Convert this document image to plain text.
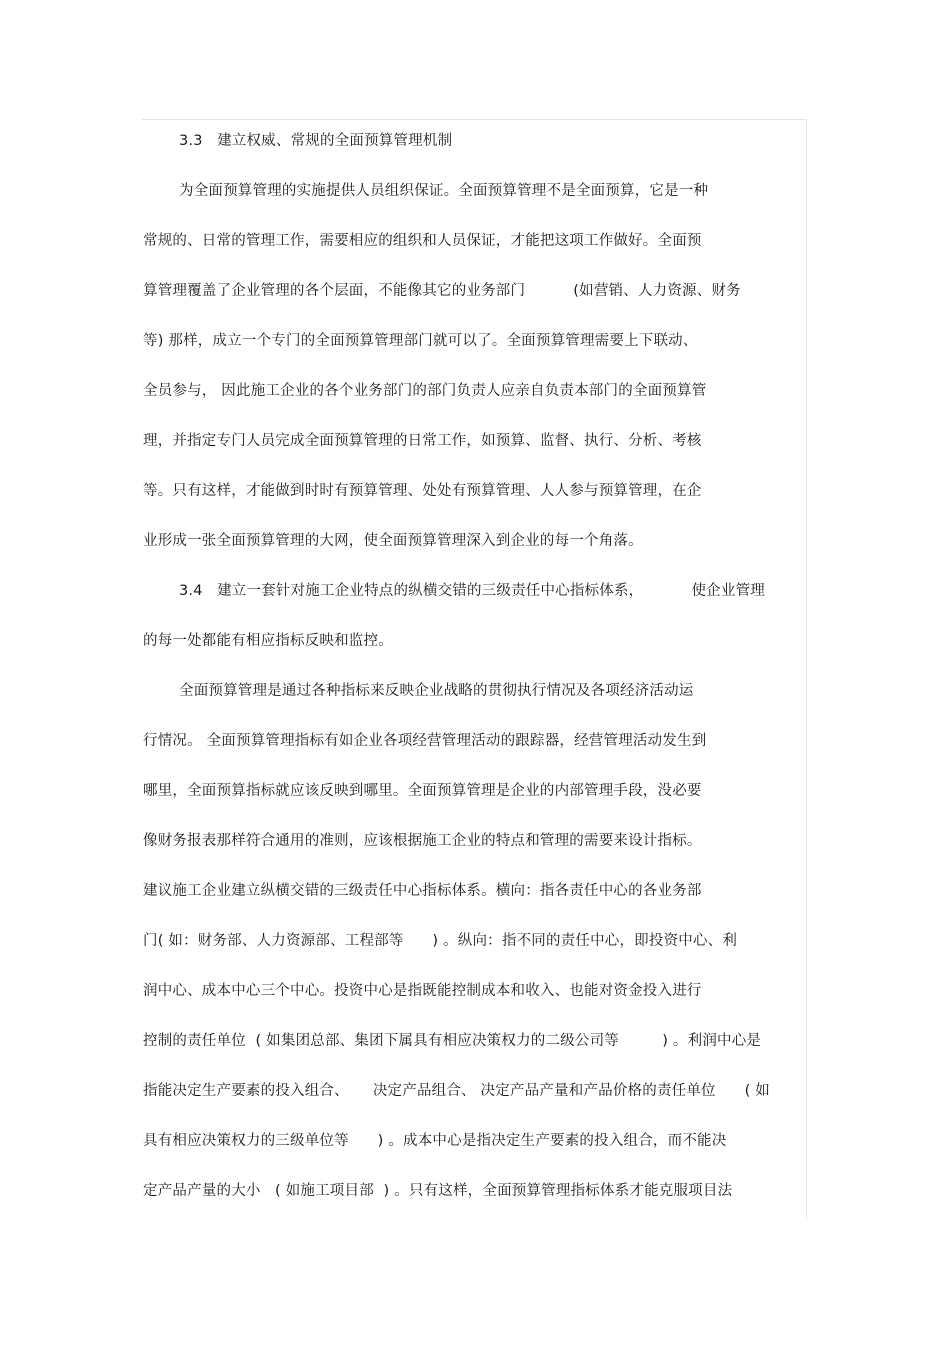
3.3   建立权威、常规的全面预算管理机制
为全面预算管理的实施提供人员组织保证。全面预算管理不是全面预算，它是一种
常规的、日常的管理工作，需要相应的组织和人员保证，才能把这项工作做好。全面预
算管理覆盖了企业管理的各个层面，不能像其它的业务部门          (如营销、人力资源、财务
等) 那样，成立一个专门的全面预算管理部门就可以了。全面预算管理需要上下联动、
全员参与， 因此施工企业的各个业务部门的部门负责人应亲自负责本部门的全面预算管
理，并指定专门人员完成全面预算管理的日常工作，如预算、监督、执行、分析、考核
等。只有这样，才能做到时时有预算管理、处处有预算管理、人人参与预算管理，在企
业形成一张全面预算管理的大网，使全面预算管理深入到企业的每一个角落。
3.4   建立一套针对施工企业特点的纵横交错的三级责任中心指标体系，          使企业管理
的每一处都能有相应指标反映和监控。
全面预算管理是通过各种指标来反映企业战略的贯彻执行情况及各项经济活动运
行情况。 全面预算管理指标有如企业各项经营管理活动的跟踪器，经营管理活动发生到
哪里，全面预算指标就应该反映到哪里。全面预算管理是企业的内部管理手段，没必要
像财务报表那样符合通用的准则，应该根据施工企业的特点和管理的需要来设计指标。
建议施工企业建立纵横交错的三级责任中心指标体系。横向：指各责任中心的各业务部
门( 如：财务部、人力资源部、工程部等      ) 。纵向：指不同的责任中心，即投资中心、利
润中心、成本中心三个中心。投资中心是指既能控制成本和收入、也能对资金投入进行
控制的责任单位  ( 如集团总部、集团下属具有相应决策权力的二级公司等         ) 。利润中心是
指能决定生产要素的投入组合、     决定产品组合、 决定产品产量和产品价格的责任单位      ( 如
具有相应决策权力的三级单位等      ) 。成本中心是指决定生产要素的投入组合，而不能决
定产品产量的大小   ( 如施工项目部  ) 。只有这样，全面预算管理指标体系才能克服项目法
